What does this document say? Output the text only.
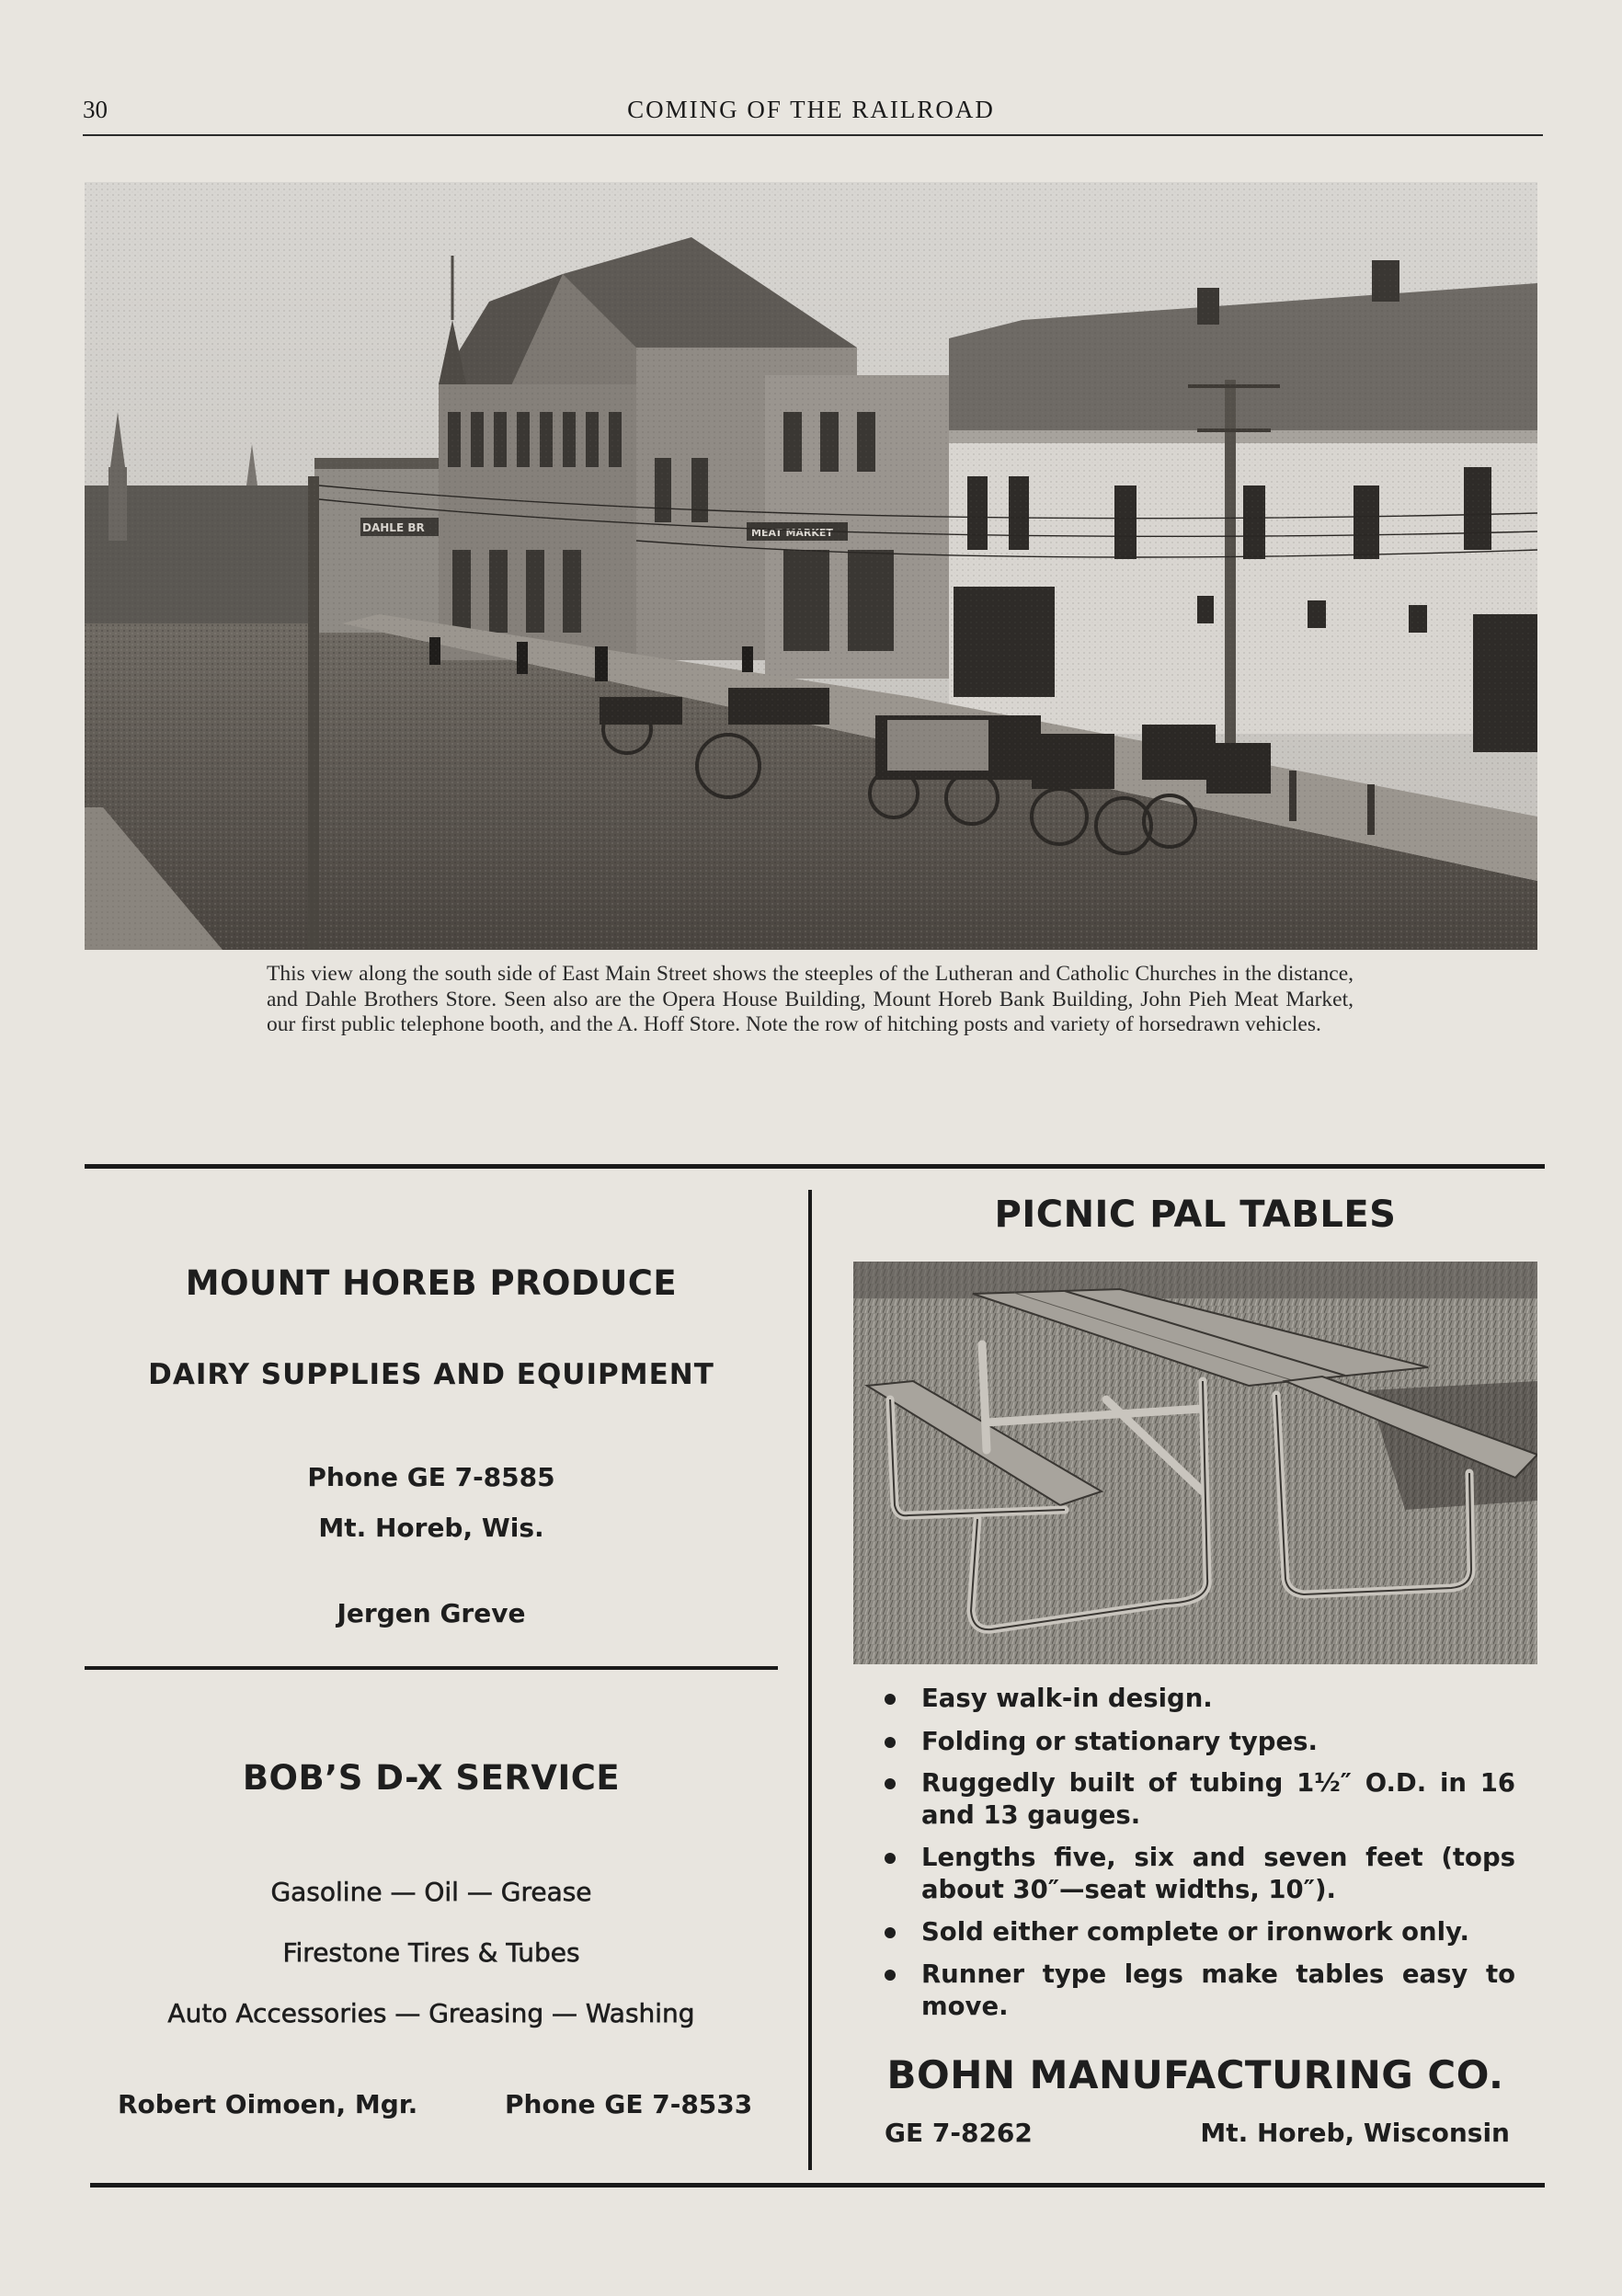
30	COMING OF THE RAILROAD
DAHLE BR	MEAT MARKET
This view along the south side of East Main Street shows the steeples of the Lutheran and Catholic Churches in the distance, and Dahle Brothers Store. Seen also are the Opera House Building, Mount Horeb Bank Building, John Pieh Meat Market, our first public telephone booth, and the A. Hoff Store. Note the row of hitching posts and variety of horsedrawn vehicles.
MOUNT HOREB PRODUCE
DAIRY SUPPLIES AND EQUIPMENT
Phone GE 7-8585
Mt. Horeb, Wis.
Jergen Greve
BOB’S D-X SERVICE
Gasoline — Oil — Grease
Firestone Tires & Tubes
Auto Accessories — Greasing — Washing
Robert Oimoen, Mgr.	Phone GE 7-8533
PICNIC PAL TABLES
Easy walk-in design.
Folding or stationary types.
Ruggedly built of tubing 1½″ O.D. in 16 and 13 gauges.
Lengths five, six and seven feet (tops about 30″—seat widths, 10″).
Sold either complete or ironwork only.
Runner type legs make tables easy to move.
BOHN MANUFACTURING CO.
GE 7-8262	Mt. Horeb, Wisconsin
